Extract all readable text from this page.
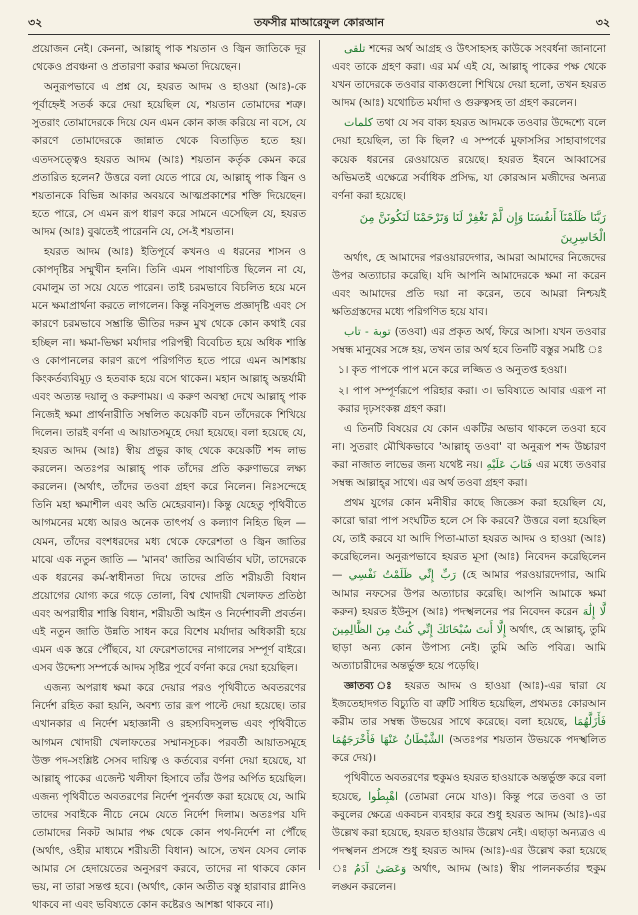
৩২	তফসীর মাআরেফুল কোরআন	৩২

প্রয়োজন নেই। কেননা, আল্লাহ্‌ পাক শয়তান ও জ্বিন জাতিকে দূর থেকেও প্রবঞ্চনা ও প্রতারণা করার ক্ষমতা দিয়েছেন।

অনুরূপভাবে এ প্রশ্ন যে, হযরত আদম ও হাওয়া (আঃ)-কে পূর্বাহ্নেই সতর্ক করে দেয়া হয়েছিল যে, শয়তান তোমাদের শত্রু। সুতরাং তোমাদেরকে দিয়ে যেন এমন কোন কাজ করিয়ে না বসে, যে কারণে তোমাদেরকে জান্নাত থেকে বিতাড়িত হতে হয়। এতদসত্ত্বেও হযরত আদম (আঃ) শয়তান কর্তৃক কেমন করে প্রতারিত হলেন? উত্তরে বলা যেতে পারে যে, আল্লাহ্‌ পাক জ্বিন ও শয়তানকে বিভিন্ন আকার অবয়বে আত্মপ্রকাশের শক্তি দিয়েছেন। হতে পারে, সে এমন রূপ ধারণ করে সামনে এসেছিল যে, হযরত আদম (আঃ) বুঝতেই পারেননি যে, সে-ই শয়তান।

হযরত আদম (আঃ) ইতিপূর্বে কখনও এ ধরনের শাসন ও কোপদৃষ্টির সম্মুখীন হননি। তিনি এমন পাষাণচিত্ত ছিলেন না যে, বেমালুম তা সয়ে যেতে পারেন। তাই চরমভাবে বিচলিত হয়ে মনে মনে ক্ষমাপ্রার্থনা করতে লাগলেন। কিন্তু নবিসুলভ প্রজ্ঞাদৃষ্টি এবং সে কারণে চরমভাবে সম্ভ্রান্তি ভীতির দরুন মুখ থেকে কোন কথাই বের হচ্ছিল না। ক্ষমা-ভিক্ষা মর্যাদার পরিপন্থী বিবেচিত হয়ে অধিক শাস্তি ও কোপানলের কারণ রূপে পরিগণিত হতে পারে এমন আশঙ্কায় কিংকর্তব্যবিমূঢ় ও হতবাক হয়ে বসে থাকেন। মহান আল্লাহ্‌ অন্তর্যামী এবং অত্যন্ত দয়ালু ও করুণাময়। এ করুণ অবস্থা দেখে আল্লাহ্‌ পাক নিজেই ক্ষমা প্রার্থনারীতি সম্বলিত কয়েকটি বচন তাঁদেরকে শিখিয়ে দিলেন। তারই বর্ণনা এ আয়াতসমূহে দেয়া হয়েছে। বলা হয়েছে যে, হযরত আদম (আঃ) স্বীয় প্রভুর কাছ থেকে কয়েকটি শব্দ লাভ করলেন। অতঃপর আল্লাহ্‌ পাক তাঁদের প্রতি করুণাভরে লক্ষ্য করলেন। (অর্থাৎ, তাঁদের তওবা গ্রহণ করে নিলেন। নিঃসন্দেহে তিনি মহা ক্ষমাশীল এবং অতি মেহেরবান)। কিন্তু যেহেতু পৃথিবীতে আগমনের মধ্যে আরও অনেক তাৎপর্য ও কল্যাণ নিহিত ছিল — যেমন, তাঁদের বংশধরদের মধ্য থেকে ফেরেশতা ও জ্বিন জাতির মাঝে এক নতুন জাতি — 'মানব' জাতির আবির্ভাব ঘটা, তাদেরকে এক ধরনের কর্ম-স্বাধীনতা দিয়ে তাদের প্রতি শরীয়তী বিধান প্রয়োগের যোগ্য করে গড়ে তোলা, বিশ্ব খোদায়ী খেলাফত প্রতিষ্ঠা এবং অপরাধীর শাস্তি বিধান, শরীয়তী আইন ও নির্দেশাবলী প্রবর্তন। এই নতুন জাতি উন্নতি সাধন করে বিশেষ মর্যাদার অধিকারী হয়ে এমন এক স্তরে পৌঁছবে, যা ফেরেশতাদের নাগালের সম্পূর্ণ বাইরে। এসব উদ্দেশ্য সম্পর্কে আদম সৃষ্টির পূর্বে বর্ণনা করে দেয়া হয়েছিল।

এজন্য অপরাধ ক্ষমা করে দেয়ার পরও পৃথিবীতে অবতরণের নির্দেশ রহিত করা হয়নি, অবশ্য তার রূপ পাল্টে দেয়া হয়েছে। তার এখানকার এ নির্দেশ মহাজ্ঞানী ও রহস্যবিদসুলভ এবং পৃথিবীতে আগমন খোদায়ী খেলাফতের সম্মানসূচক। পরবর্তী আয়াতসমূহে উক্ত পদ-সংশ্লিষ্ট সেসব দায়িত্ব ও কর্তব্যের বর্ণনা দেয়া হয়েছে, যা আল্লাহ্‌ পাকের এজেন্ট খলীফা হিসাবে তাঁর উপর অর্পিত হয়েছিল। এজন্য পৃথিবীতে অবতরণের নির্দেশ পুনর্ব্যক্ত করা হয়েছে যে, আমি তাদের সবাইকে নীচে নেমে যেতে নির্দেশ দিলাম। অতঃপর যদি তোমাদের নিকট আমার পক্ষ থেকে কোন পথ-নির্দেশ না পৌঁছে (অর্থাৎ, ওহীর মাধ্যমে শরীয়তী বিধান) আসে, তখন যেসব লোক আমার সে হেদায়েতের অনুসরণ করবে, তাদের না থাকবে কোন ভয়, না তারা সন্তপ্ত হবে। (অর্থাৎ, কোন অতীত বস্তু হারাবার গ্লানিও থাকবে না এবং ভবিষ্যতে কোন কষ্টেরও আশঙ্কা থাকবে না।)

تلقى শব্দের অর্থ আগ্রহ ও উৎসাহসহ কাউকে সংবর্ধনা জানানো এবং তাকে গ্রহণ করা। এর মর্ম এই যে, আল্লাহ্‌ পাকের পক্ষ থেকে যখন তাদেরকে তওবার বাক্যগুলো শিখিয়ে দেয়া হলো, তখন হযরত আদম (আঃ) যথোচিত মর্যাদা ও গুরুত্বসহ তা গ্রহণ করলেন।

كلمات তথা যে সব বাক্য হযরত আদমকে তওবার উদ্দেশ্যে বলে দেয়া হয়েছিল, তা কি ছিল? এ সম্পর্কে মুফাসসির সাহাবাগণের কয়েক ধরনের রেওয়ায়েত রয়েছে। হযরত ইবনে আব্বাসের অভিমতই এক্ষেত্রে সর্বাধিক প্রসিদ্ধ, যা কোরআন মজীদের অন্যত্র বর্ণনা করা হয়েছে।

رَبَّنَا ظَلَمْنَآ أَنفُسَنَا وَإِن لَّمْ تَغْفِرْ لَنَا وَتَرْحَمْنَا لَنَكُونَنَّ مِنَ الْخَاسِرِينَ

অর্থাৎ, হে আমাদের পরওয়ারদেগার, আমরা আমাদের নিজেদের উপর অত্যাচার করেছি। যদি আপনি আমাদেরকে ক্ষমা না করেন এবং আমাদের প্রতি দয়া না করেন, তবে আমরা নিশ্চয়ই ক্ষতিগ্রস্তদের মধ্যে পরিগণিত হয়ে যাব।

توبة - تاب (তওবা) এর প্রকৃত অর্থ, ফিরে আসা। যখন তওবার সম্বন্ধ মানুষের সঙ্গে হয়, তখন তার অর্থ হবে তিনটি বস্তুর সমষ্টি ঃ

১। কৃত পাপকে পাপ মনে করে লজ্জিত ও অনুতপ্ত হওয়া।

২। পাপ সম্পূর্ণরূপে পরিহার করা। ৩। ভবিষ্যতে আবার এরূপ না করার দৃঢ়সংকল্প গ্রহণ করা।

এ তিনটি বিষয়ের যে কোন একটির অভাব থাকলে তওবা হবে না। সুতরাং মৌখিকভাবে 'আল্লাহ্‌ তওবা' বা অনুরূপ শব্দ উচ্চারণ করা নাজাত লাভের জন্য যথেষ্ট নয়। فَتَابَ عَلَيْهِ এর মধ্যে তওবার সম্বন্ধ আল্লাহ্‌র সাথে। এর অর্থ তওবা গ্রহণ করা।

প্রথম যুগের কোন মনীষীর কাছে জিজ্ঞেস করা হয়েছিল যে, কারো দ্বারা পাপ সংঘটিত হলে সে কি করবে? উত্তরে বলা হয়েছিল যে, তাই করবে যা আদি পিতা-মাতা হযরত আদম ও হাওয়া (আঃ) করেছিলেন। অনুরূপভাবে হযরত মূসা (আঃ) নিবেদন করেছিলেন — رَبِّ إِنِّي ظَلَمْتُ نَفْسِي (হে আমার পরওয়ারদেগার, আমি আমার নফসের উপর অত্যাচার করেছি। আপনি আমাকে ক্ষমা করুন) হযরত ইউনুস (আঃ) পদস্খলনের পর নিবেদন করেন لَّا إِلَٰهَ إِلَّا أَنتَ سُبْحَانَكَ إِنِّي كُنتُ مِنَ الظَّالِمِينَ অর্থাৎ, হে আল্লাহ্‌, তুমি ছাড়া অন্য কোন উপাস্য নেই। তুমি অতি পবিত্র। আমি অত্যাচারীদের অন্তর্ভুক্ত হয়ে পড়েছি।

জ্ঞাতব্য ঃ হযরত আদম ও হাওয়া (আঃ)-এর দ্বারা যে ইজতেহাদগত বিচ্যুতি বা ত্রুটি সাধিত হয়েছিল, প্রথমতঃ কোরআন করীম তার সম্বন্ধ উভয়ের সাথে করেছে। বলা হয়েছে, فَأَزَلَّهُمَا الشَّيْطَانُ عَنْهَا فَأَخْرَجَهُمَا (অতঃপর শয়তান উভয়কে পদস্খলিত করে দেয়)।

পৃথিবীতে অবতরণের হুকুমও হযরত হাওয়াকে অন্তর্ভুক্ত করে বলা হয়েছে, اهْبِطُوا (তোমরা নেমে যাও)। কিন্তু পরে তওবা ও তা কবুলের ক্ষেত্রে একবচন ব্যবহার করে শুধু হযরত আদম (আঃ)-এর উল্লেখ করা হয়েছে, হযরত হাওয়ার উল্লেখ নেই। এছাড়া অন্যত্রও এ পদস্খলন প্রসঙ্গে শুধু হযরত আদম (আঃ)-এর উল্লেখ করা হয়েছে ঃ وَعَصَىٰ آدَمُ অর্থাৎ, আদম (আঃ) স্বীয় পালনকর্তার হুকুম লঙ্ঘন করলেন।
